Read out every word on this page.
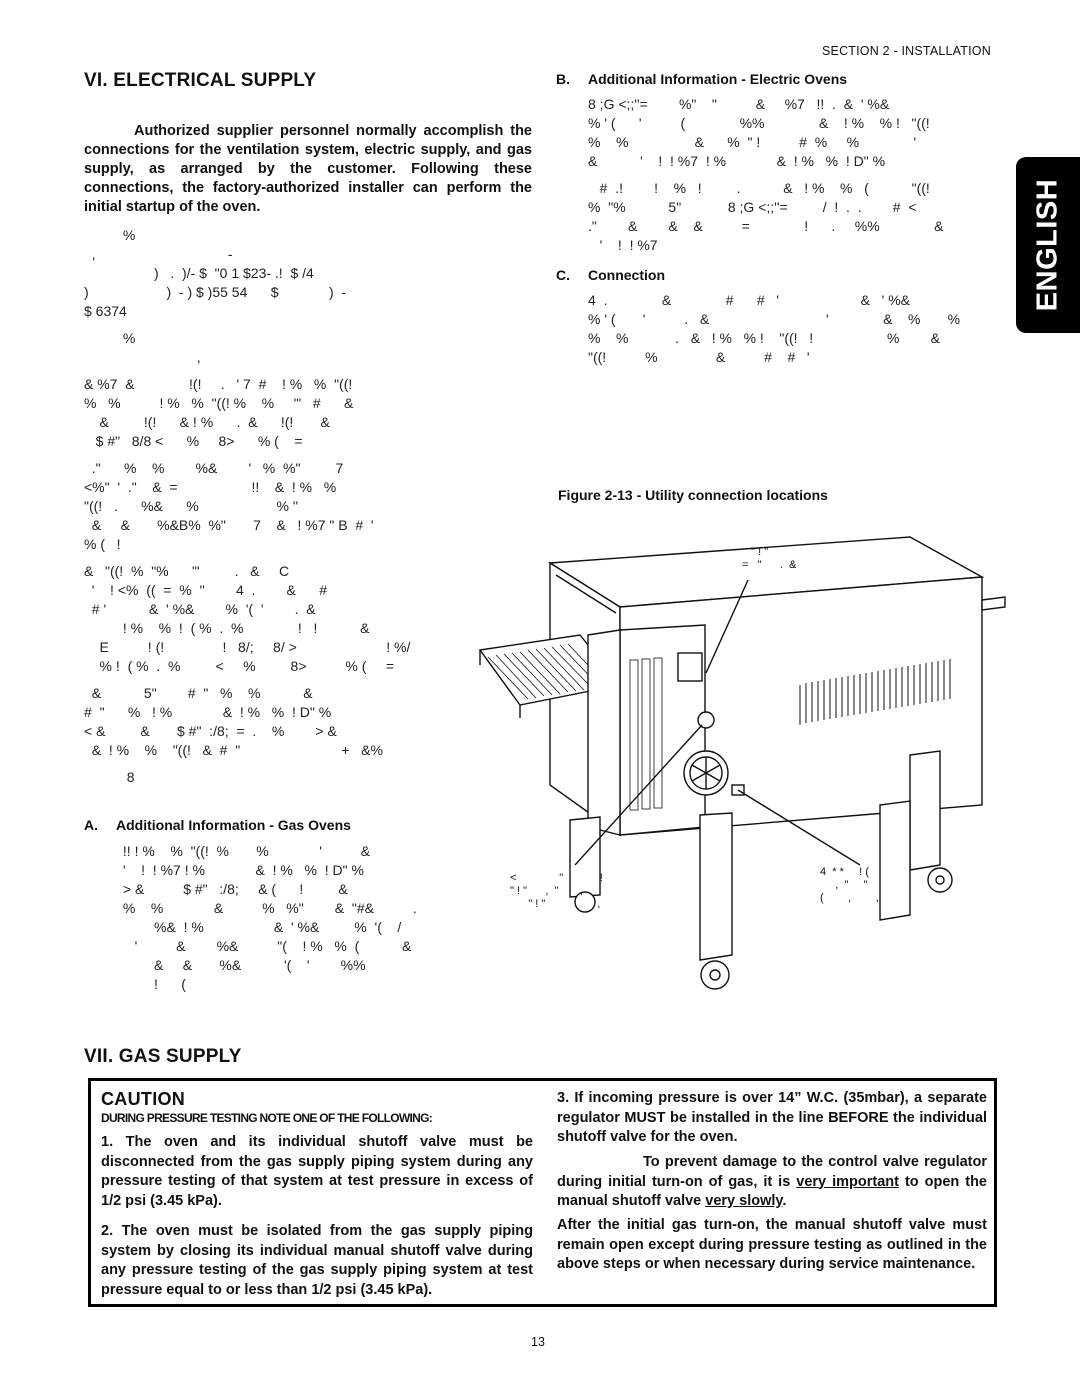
SECTION 2 - INSTALLATION
ENGLISH
VI. ELECTRICAL SUPPLY
Authorized supplier personnel normally accomplish the connections for the ventilation system, electric supply, and gas supply, as arranged by the customer. Following these connections, the factory-authorized installer can perform the initial startup of the oven.
%
,                                  -
)   .  )/- $  "0 1 $23- .!  $ /4
)                    )  - ) $ )55 54      $             )  -
$ 6374
%
,
& %7  &              !(!     .   ' 7  #    ! %   %  "((!
%   %          ! %   %  "((! %    %     '"   #      &
&         !(!      & ! %      .  &      !(!       &
$ #"   8/8 <      %     8>      % (    =
."      %    %        %&        '   %  %"         7
<%"  '  ."    &  =                   !!    &  ! %   %
"((!   .      %&      %                    % ''
&     &       %&B%  %"       7    &   ! %7 " B  #  '
% (   !
&   "((!  %  "%      '"         .   &     C
'    ! <%  ((  =  %  ''        4  .        &      #
# '           &  ' %&        %  '(  '        .  &
! %    %  !  ( %  .  %              !   !           &
E          ! (!               !   8/;     8/ >                       ! %/
% !  ( %  .  %         <     %         8>          % (     =
&           5"        #  "   %    %           &
#  "      %   ! %             &  ! %   %  ! D" %
< &         &       $ #"  :/8;  =  .    %        > &
&  ! %    %    "((!   &  #  "                          +   &%
8
A. Additional Information - Gas Ovens
!! ! %    %  "((!  %       %             '          &
'    !  ! %7 ! %             &  ! %   %  ! D" %
> &          $ #"   :/8;     & (      !         &
%    %             &          %   %"        &  "#&          .
%&  ! %                  &  ' %&         %  '(    /
'          &        %&          "(    ! %   %  (           &
&     &       %&           '(    '        %%
!      (
B. Additional Information - Electric Ovens
8 ;G <;;''=        %"    "          &     %7   !!  .  &  ' %&
% ' (      '          (              %%              &    ! %    % !   "((!
%    %                 &      %  " !          #  %     %              '
&           '    !  ! %7  ! %             &  ! %   %  ! D" %
#  .!        !    %   !         .           &   ! %    %   (           "((!
%  "%           5"            8 ;G <;;''=         /  !  .  .        #  <
."        &        &    &          =              !      .     %%              &
'    !  ! %7
C. Connection
4  .              &              #      #   '                     &   ' %&
% ' (       '          .   &                              '              &    %       %
%    %            .   &   ! %   % !    "((!   !                   %        &
"((!          %               &          #    #   '
Figure 2-13 - Utility connection locations
" ! "
=   "      .  &
<              "            !
" ! "      ,  "       ,
" ! "                 ,
4  * *     ! (
,  "     "
(        ,        ,
VII. GAS SUPPLY
CAUTION
DURING PRESSURE TESTING NOTE ONE OF THE FOLLOWING:
1. The oven and its individual shutoff valve must be disconnected from the gas supply piping system during any pressure testing of that system at test pressure in excess of 1/2 psi (3.45 kPa).
2. The oven must be isolated from the gas supply piping system by closing its individual manual shutoff valve during any pressure testing of the gas supply piping system at test pressure equal to or less than 1/2 psi (3.45 kPa).
3. If incoming pressure is over 14” W.C. (35mbar), a separate regulator MUST be installed in the line BEFORE the individual shutoff valve for the oven.
To prevent damage to the control valve regulator during initial turn-on of gas, it is very important to open the manual shutoff valve very slowly.
After the initial gas turn-on, the manual shutoff valve must remain open except during pressure testing as outlined in the above steps or when necessary during service maintenance.
13
